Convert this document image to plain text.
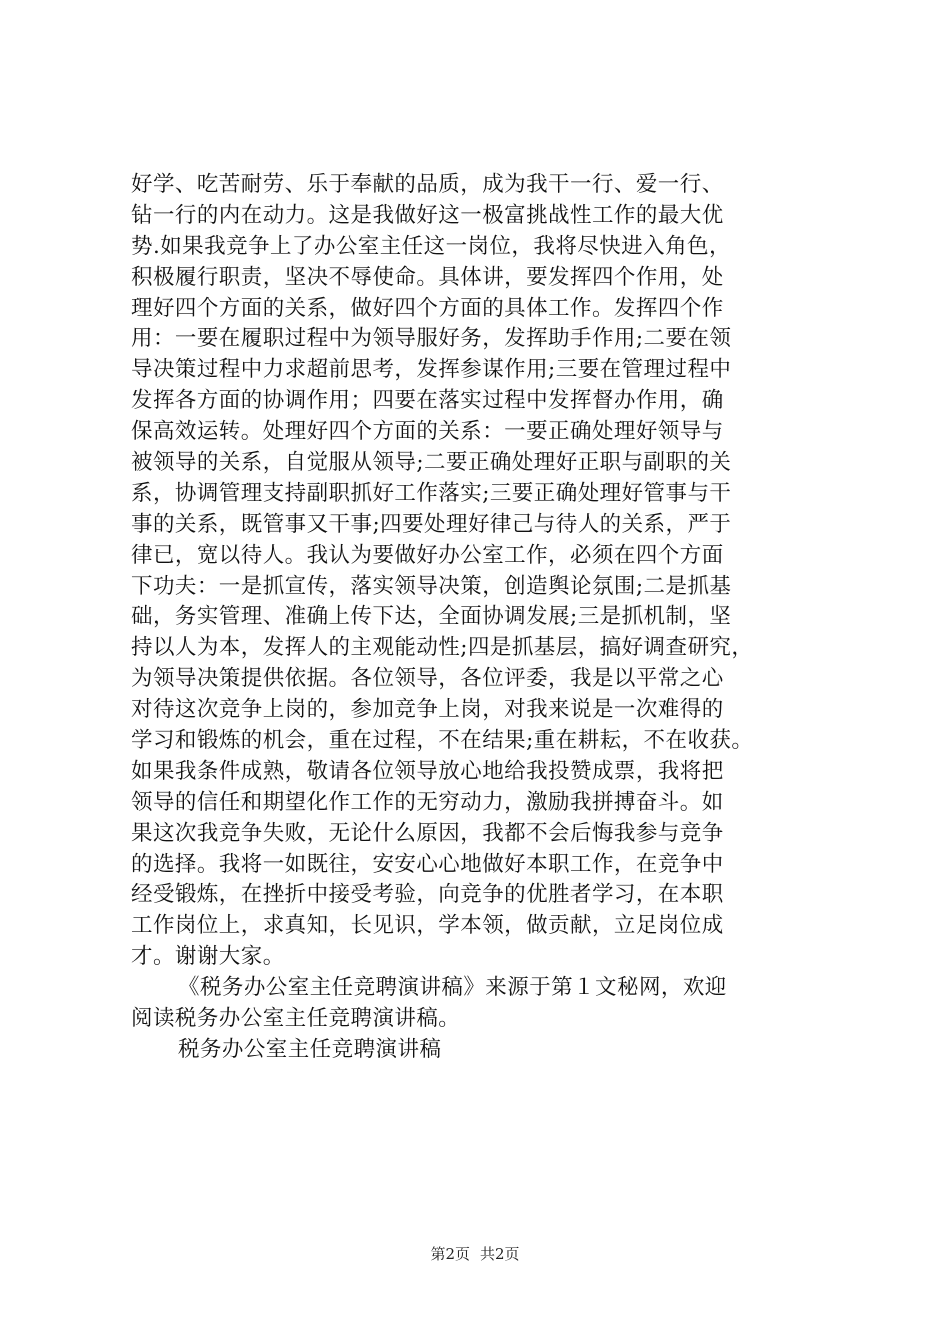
好学、吃苦耐劳、乐于奉献的品质，成为我干一行、爱一行、
钻一行的内在动力。这是我做好这一极富挑战性工作的最大优
势.如果我竞争上了办公室主任这一岗位，我将尽快进入角色，
积极履行职责，坚决不辱使命。具体讲，要发挥四个作用，处
理好四个方面的关系，做好四个方面的具体工作。发挥四个作
用：一要在履职过程中为领导服好务，发挥助手作用;二要在领
导决策过程中力求超前思考，发挥参谋作用;三要在管理过程中
发挥各方面的协调作用；四要在落实过程中发挥督办作用，确
保高效运转。处理好四个方面的关系：一要正确处理好领导与
被领导的关系，自觉服从领导;二要正确处理好正职与副职的关
系，协调管理支持副职抓好工作落实;三要正确处理好管事与干
事的关系，既管事又干事;四要处理好律己与待人的关系，严于
律已，宽以待人。我认为要做好办公室工作，必须在四个方面
下功夫：一是抓宣传，落实领导决策，创造舆论氛围;二是抓基
础，务实管理、准确上传下达，全面协调发展;三是抓机制，坚
持以人为本，发挥人的主观能动性;四是抓基层，搞好调查研究，
为领导决策提供依据。各位领导，各位评委，我是以平常之心
对待这次竞争上岗的，参加竞争上岗，对我来说是一次难得的
学习和锻炼的机会，重在过程，不在结果;重在耕耘，不在收获。
如果我条件成熟，敬请各位领导放心地给我投赞成票，我将把
领导的信任和期望化作工作的无穷动力，激励我拼搏奋斗。如
果这次我竞争失败，无论什么原因，我都不会后悔我参与竞争
的选择。我将一如既往，安安心心地做好本职工作，在竞争中
经受锻炼，在挫折中接受考验，向竞争的优胜者学习，在本职
工作岗位上，求真知，长见识，学本领，做贡献，立足岗位成
才。谢谢大家。
《税务办公室主任竞聘演讲稿》来源于第１文秘网，欢迎
阅读税务办公室主任竞聘演讲稿。
税务办公室主任竞聘演讲稿
第2页 共2页
